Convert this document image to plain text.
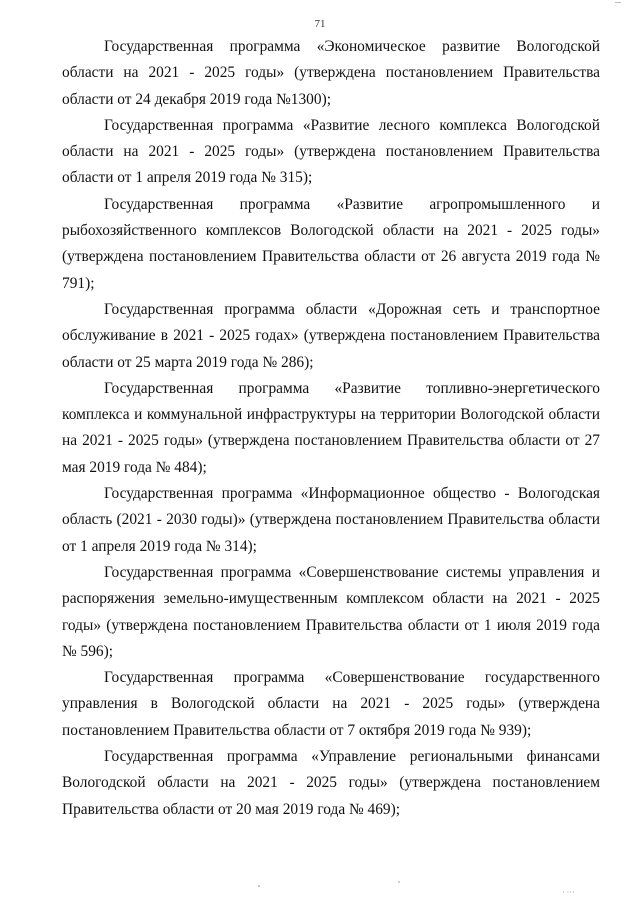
71

Государственная программа «Экономическое развитие Вологодской области на 2021 - 2025 годы» (утверждена постановлением Правительства области от 24 декабря 2019 года №1300);

Государственная программа «Развитие лесного комплекса Вологодской области на 2021 - 2025 годы» (утверждена постановлением Правительства области от 1 апреля 2019 года № 315);

Государственная программа «Развитие агропромышленного и рыбохозяйственного комплексов Вологодской области на 2021 - 2025 годы» (утверждена постановлением Правительства области от 26 августа 2019 года № 791);

Государственная программа области «Дорожная сеть и транспортное обслуживание в 2021 - 2025 годах» (утверждена постановлением Правительства области от 25 марта 2019 года № 286);

Государственная программа «Развитие топливно-энергетического комплекса и коммунальной инфраструктуры на территории Вологодской области на 2021 - 2025 годы» (утверждена постановлением Правительства области от 27 мая 2019 года № 484);

Государственная программа «Информационное общество - Вологодская область (2021 - 2030 годы)» (утверждена постановлением Правительства области от 1 апреля 2019 года № 314);

Государственная программа «Совершенствование системы управления и распоряжения земельно-имущественным комплексом области на 2021 - 2025 годы» (утверждена постановлением Правительства области от 1 июля 2019 года № 596);

Государственная программа «Совершенствование государственного управления в Вологодской области на 2021 - 2025 годы» (утверждена постановлением Правительства области от 7 октября 2019 года № 939);

Государственная программа «Управление региональными финансами Вологодской области на 2021 - 2025 годы» (утверждена постановлением Правительства области от 20 мая 2019 года № 469);

· ···
